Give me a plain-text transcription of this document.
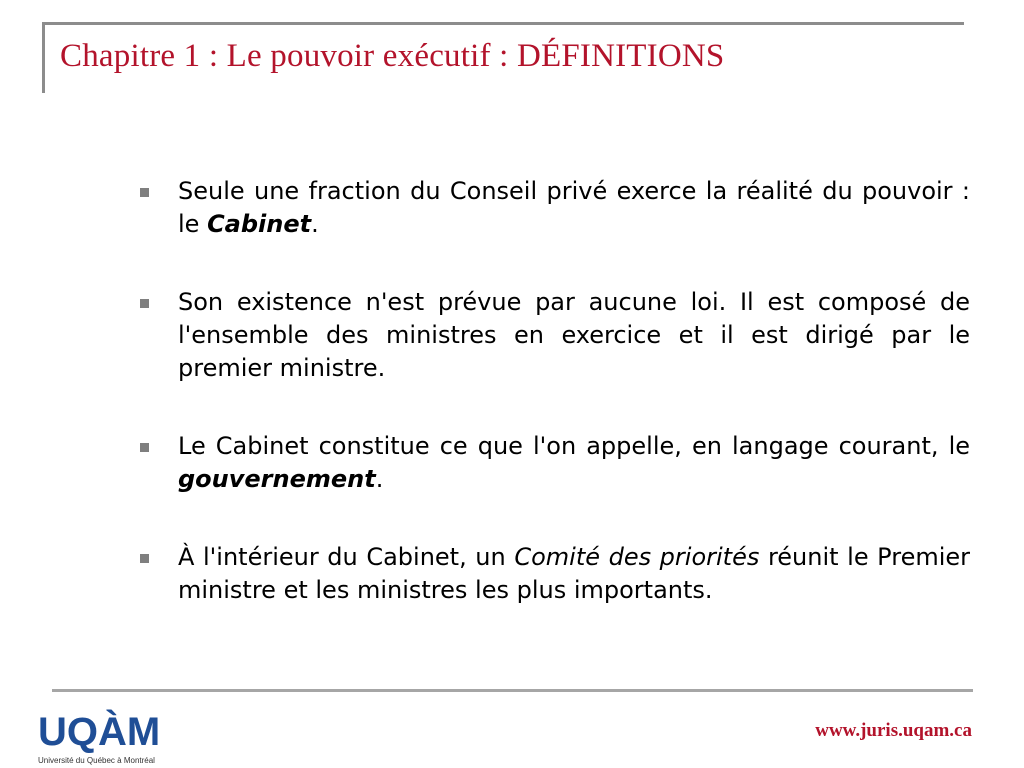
Chapitre 1 : Le pouvoir exécutif : DÉFINITIONS
Seule une fraction du Conseil privé exerce la réalité du pouvoir : le Cabinet.
Son existence n'est prévue par aucune loi. Il est composé de l'ensemble des ministres en exercice et il est dirigé par le premier ministre.
Le Cabinet constitue ce que l'on appelle, en langage courant, le gouvernement.
À l'intérieur du Cabinet, un Comité des priorités réunit le Premier ministre et les ministres les plus importants.
UQÀM
Université du Québec à Montréal
www.juris.uqam.ca
